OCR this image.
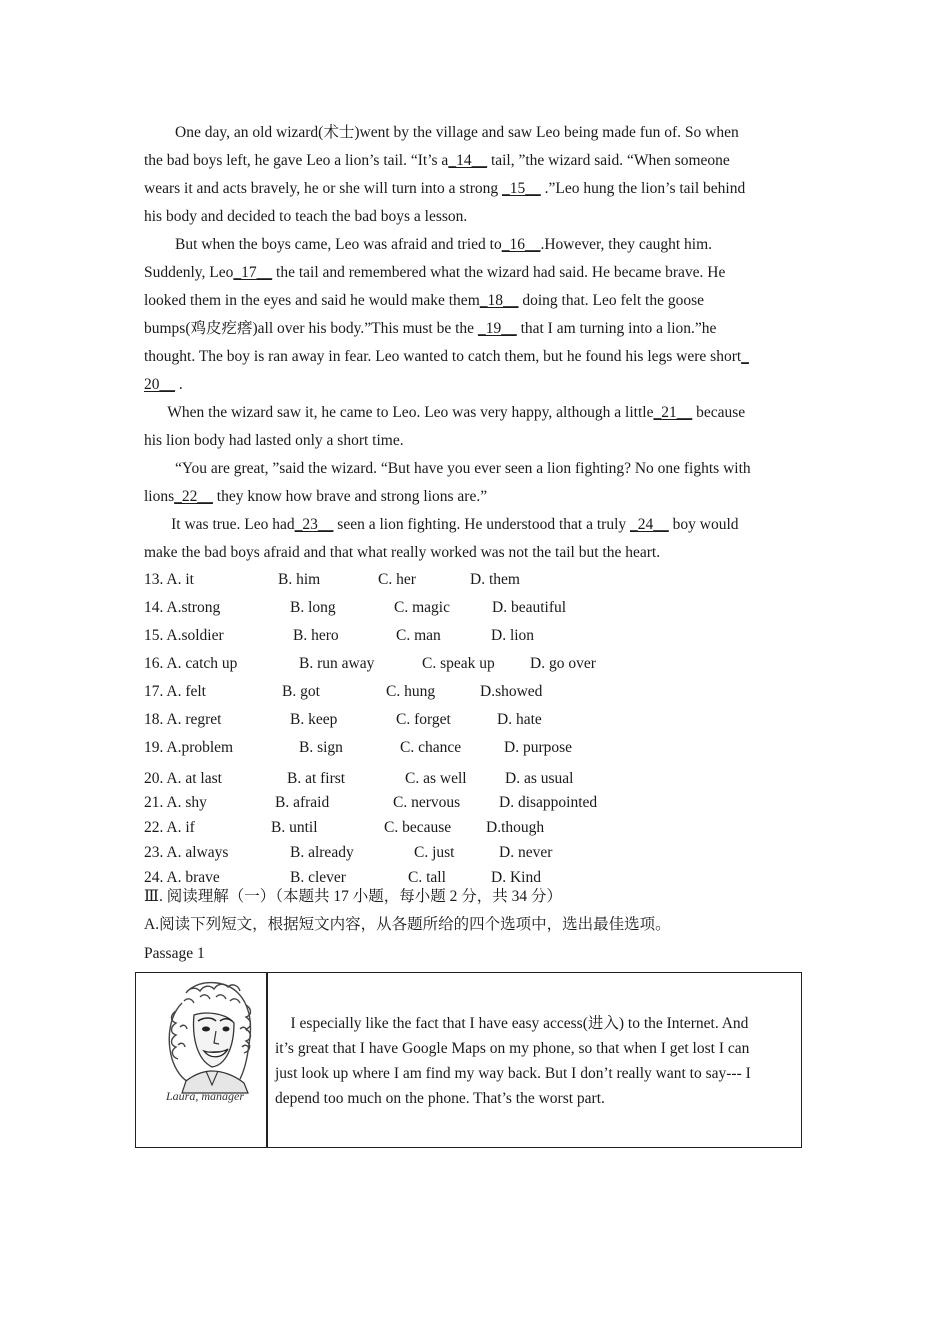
One day, an old wizard(术士)went by the village and saw Leo being made fun of. So when
the bad boys left, he gave Leo a lion’s tail. “It’s a_14__ tail, ”the wizard said. “When someone
wears it and acts bravely, he or she will turn into a strong _15__ .”Leo hung the lion’s tail behind
his body and decided to teach the bad boys a lesson.
But when the boys came, Leo was afraid and tried to_16__.However, they caught him.
Suddenly, Leo_17__ the tail and remembered what the wizard had said. He became brave. He
looked them in the eyes and said he would make them_18__ doing that. Leo felt the goose
bumps(鸡皮疙瘩)all over his body.”This must be the _19__ that I am turning into a lion.”he
thought. The boy is ran away in fear. Leo wanted to catch them, but he found his legs were short_
20__ .
When the wizard saw it, he came to Leo. Leo was very happy, although a little_21__ because
his lion body had lasted only a short time.
“You are great, ”said the wizard. “But have you ever seen a lion fighting? No one fights with
lions_22__ they know how brave and strong lions are.”
It was true. Leo had_23__ seen a lion fighting. He understood that a truly _24__ boy would
make the bad boys afraid and that what really worked was not the tail but the heart.
Ⅲ. 阅读理解（一）（本题共 17 小题，每小题 2 分，共 34 分）
A.阅读下列短文，根据短文内容，从各题所给的四个选项中，选出最佳选项。
Passage 1
Laura, manager
I especially like the fact that I have easy access(进入) to the Internet. And
it’s great that I have Google Maps on my phone, so that when I get lost I can
just look up where I am find my way back. But I don’t really want to say--- I
depend too much on the phone. That’s the worst part.
13. A. it	B. him	C. her	D. them
14. A.strong	B. long	C. magic	D. beautiful
15. A.soldier	B. hero	C. man	D. lion
16. A. catch up	B. run away	C. speak up D. go over
17. A. felt	B. got	C. hung	D.showed
18. A. regret	B. keep	C. forget	D. hate
19. A.problem	B. sign	C. chance	D. purpose
20. A. at last	B. at first	C. as well D. as usual
21. A. shy	B. afraid	C. nervous	D. disappointed
22. A. if	B. until	C. because D.though
23. A. always	B. already	C. just	D. never
24. A. brave	B. clever	C. tall	D. Kind
